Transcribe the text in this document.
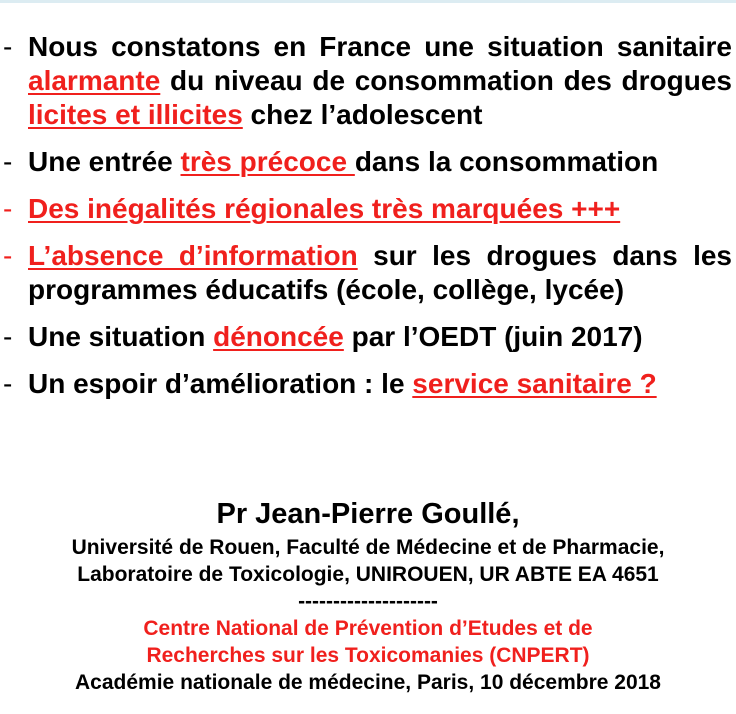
- Nous constatons en France une situation sanitaire alarmante du niveau de consommation des drogues licites et illicites chez l’adolescent
- Une entrée très précoce dans la consommation
- Des inégalités régionales très marquées +++
- L’absence d’information sur les drogues dans les programmes éducatifs (école, collège, lycée)
- Une situation dénoncée par l’OEDT (juin 2017)
- Un espoir d’amélioration : le service sanitaire ?
Pr Jean-Pierre Goullé,
Université de Rouen, Faculté de Médecine et de Pharmacie,
Laboratoire de Toxicologie, UNIROUEN, UR ABTE EA 4651
--------------------
Centre National de Prévention d’Etudes et de
Recherches sur les Toxicomanies (CNPERT)
Académie nationale de médecine, Paris, 10 décembre 2018
